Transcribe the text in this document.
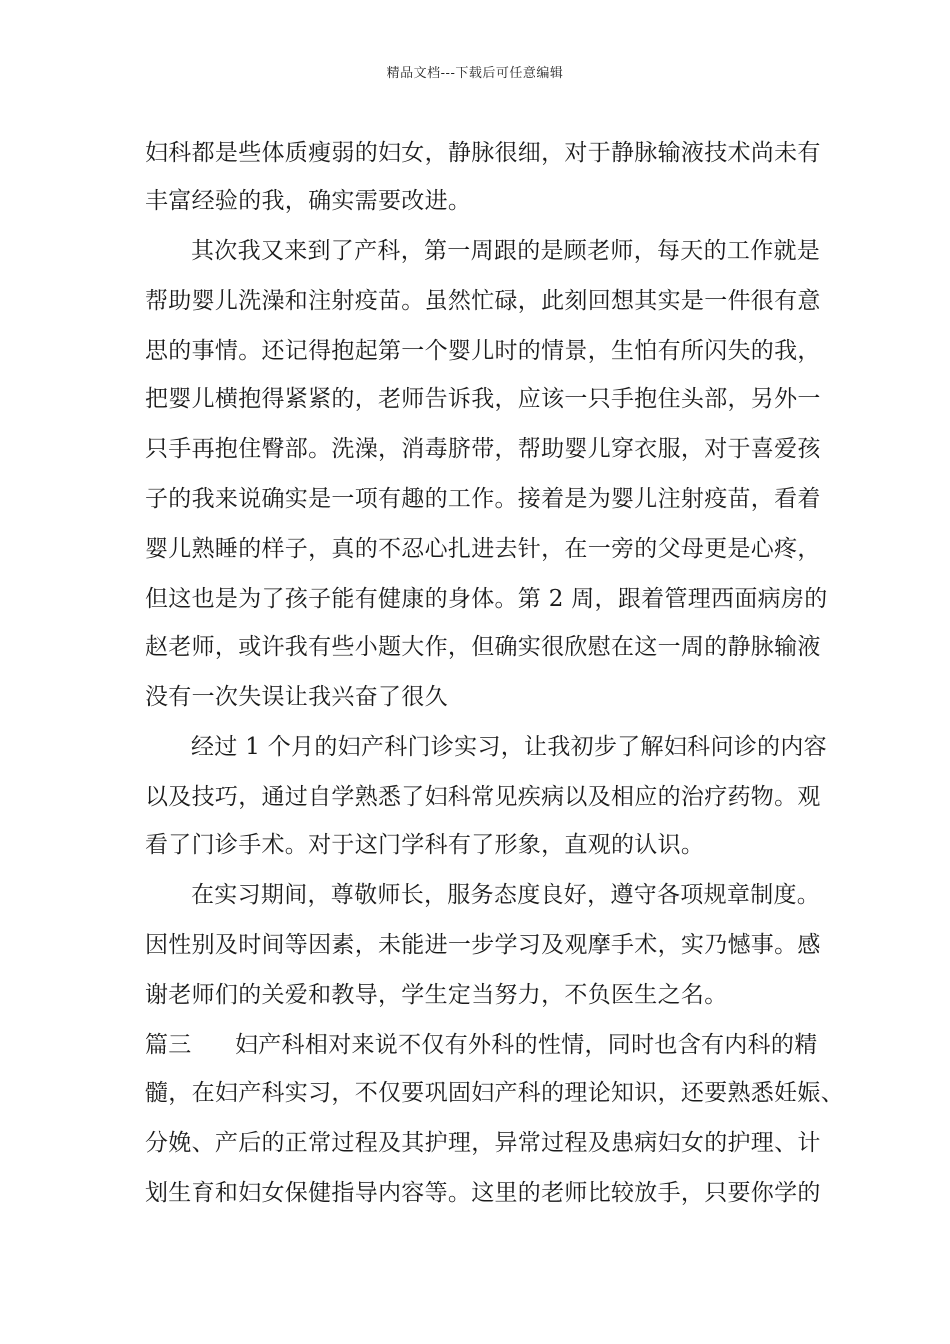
精品文档---下载后可任意编辑
妇科都是些体质瘦弱的妇女，静脉很细，对于静脉输液技术尚未有
丰富经验的我，确实需要改进。
其次我又来到了产科，第一周跟的是顾老师，每天的工作就是
帮助婴儿洗澡和注射疫苗。虽然忙碌，此刻回想其实是一件很有意
思的事情。还记得抱起第一个婴儿时的情景，生怕有所闪失的我，
把婴儿横抱得紧紧的，老师告诉我，应该一只手抱住头部，另外一
只手再抱住臀部。洗澡，消毒脐带，帮助婴儿穿衣服，对于喜爱孩
子的我来说确实是一项有趣的工作。接着是为婴儿注射疫苗，看着
婴儿熟睡的样子，真的不忍心扎进去针，在一旁的父母更是心疼，
但这也是为了孩子能有健康的身体。第 2 周，跟着管理西面病房的
赵老师，或许我有些小题大作，但确实很欣慰在这一周的静脉输液
没有一次失误让我兴奋了很久
经过 1 个月的妇产科门诊实习，让我初步了解妇科问诊的内容
以及技巧，通过自学熟悉了妇科常见疾病以及相应的治疗药物。观
看了门诊手术。对于这门学科有了形象，直观的认识。
在实习期间，尊敬师长，服务态度良好，遵守各项规章制度。
因性别及时间等因素，未能进一步学习及观摩手术，实乃憾事。感
谢老师们的关爱和教导，学生定当努力，不负医生之名。
篇三 妇产科相对来说不仅有外科的性情，同时也含有内科的精
髓，在妇产科实习，不仅要巩固妇产科的理论知识，还要熟悉妊娠、
分娩、产后的正常过程及其护理，异常过程及患病妇女的护理、计
划生育和妇女保健指导内容等。这里的老师比较放手，只要你学的
